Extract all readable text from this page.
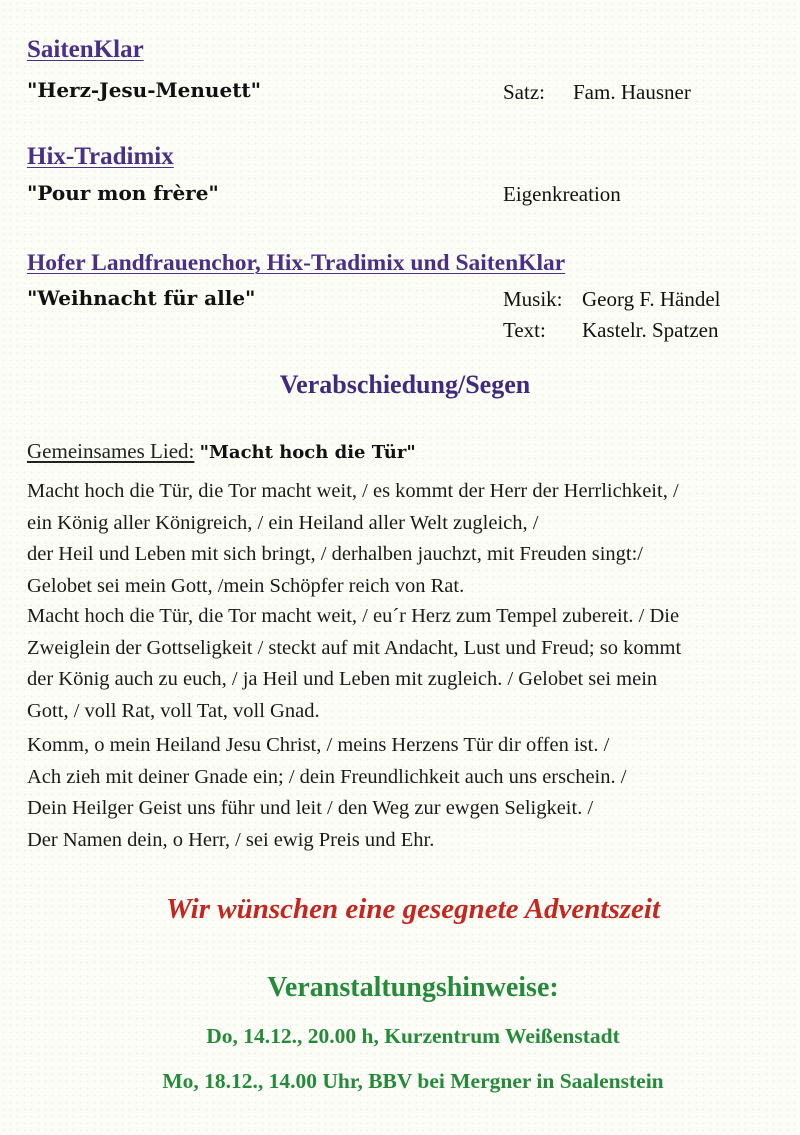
SaitenKlar
"Herz-Jesu-Menuett"	Satz: Fam. Hausner
Hix-Tradimix
"Pour mon frère"	Eigenkreation
Hofer Landfrauenchor, Hix-Tradimix und SaitenKlar
"Weihnacht für alle"	Musik: Georg F. Händel
Text: Kastelr. Spatzen
Verabschiedung/Segen
Gemeinsames Lied: "Macht hoch die Tür"
Macht hoch die Tür, die Tor macht weit, / es kommt der Herr der Herrlichkeit, /
ein König aller Königreich, / ein Heiland aller Welt zugleich, /
der Heil und Leben mit sich bringt, / derhalben jauchzt, mit Freuden singt:/
Gelobet sei mein Gott, /mein Schöpfer reich von Rat.
Macht hoch die Tür, die Tor macht weit, / eu´r Herz zum Tempel zubereit. / Die
Zweiglein der Gottseligkeit / steckt auf mit Andacht, Lust und Freud; so kommt
der König auch zu euch, / ja Heil und Leben mit zugleich. / Gelobet sei mein
Gott, / voll Rat, voll Tat, voll Gnad.
Komm, o mein Heiland Jesu Christ, / meins Herzens Tür dir offen ist. /
Ach zieh mit deiner Gnade ein; / dein Freundlichkeit auch uns erschein. /
Dein Heilger Geist uns führ und leit / den Weg zur ewgen Seligkeit. /
Der Namen dein, o Herr, / sei ewig Preis und Ehr.
Wir wünschen eine gesegnete Adventszeit
Veranstaltungshinweise:
Do, 14.12., 20.00 h, Kurzentrum Weißenstadt
Mo, 18.12., 14.00 Uhr, BBV bei Mergner in Saalenstein
